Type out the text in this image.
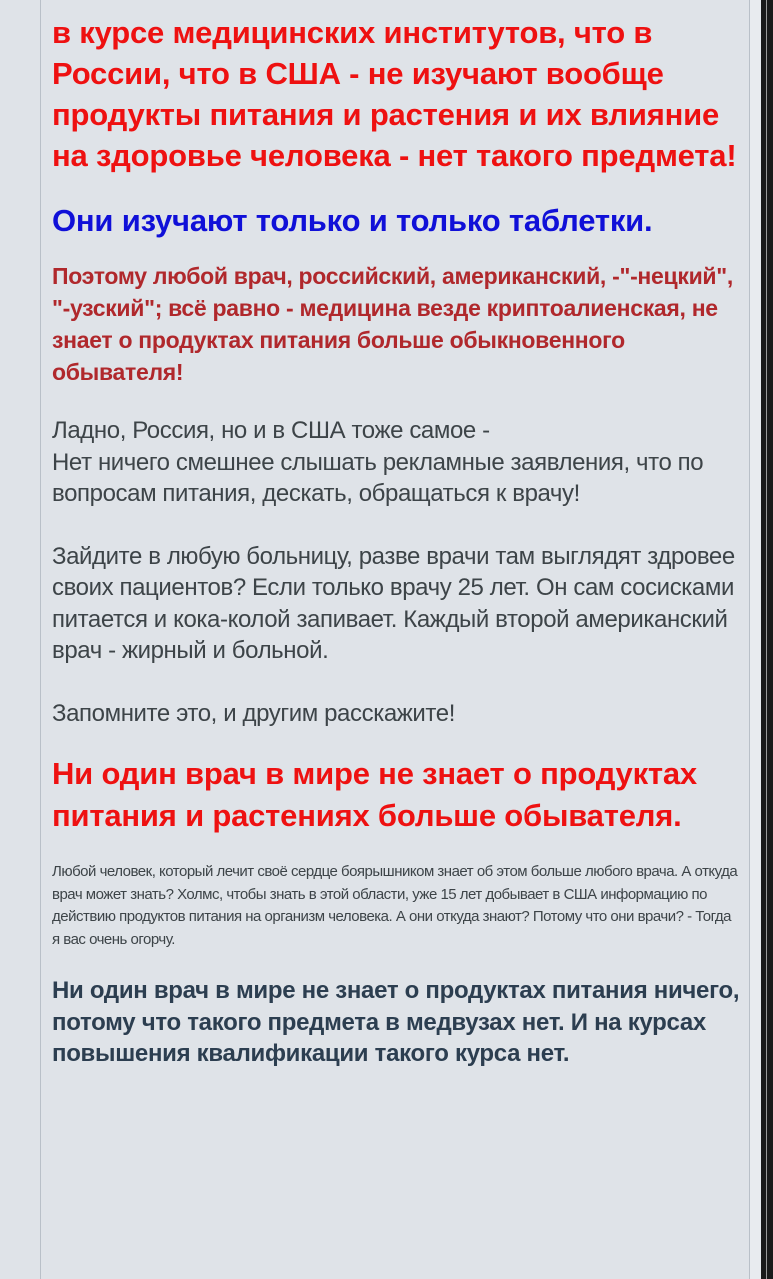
в курсе медицинских институтов, что в России, что в США - не изучают вообще продукты питания и растения и их влияние на здоровье человека - нет такого предмета!

Они изучают только и только таблетки.

Поэтому любой врач, российский, американский, -"-нецкий", "-узский"; всё равно - медицина везде криптоалиенская, не знает о продуктах питания больше обыкновенного обывателя!

Ладно, Россия, но и в США тоже самое -
Нет ничего смешнее слышать рекламные заявления, что по вопросам питания, дескать, обращаться к врачу!

Зайдите в любую больницу, разве врачи там выглядят здровее своих пациентов? Если только врачу 25 лет. Он сам сосисками питается и кока-колой запивает. Каждый второй американский врач - жирный и больной.

Запомните это, и другим расскажите!

Ни один врач в мире не знает о продуктах питания и растениях больше обывателя.

Любой человек, который лечит своё сердце боярышником знает об этом больше любого врача. А откуда врач может знать? Холмс, чтобы знать в этой области, уже 15 лет добывает в США информацию по действию продуктов питания на организм человека. А они откуда знают? Потому что они врачи? - Тогда я вас очень огорчу.

Ни один врач в мире не знает о продуктах питания ничего, потому что такого предмета в медвузах нет. И на курсах повышения квалификации такого курса нет.
